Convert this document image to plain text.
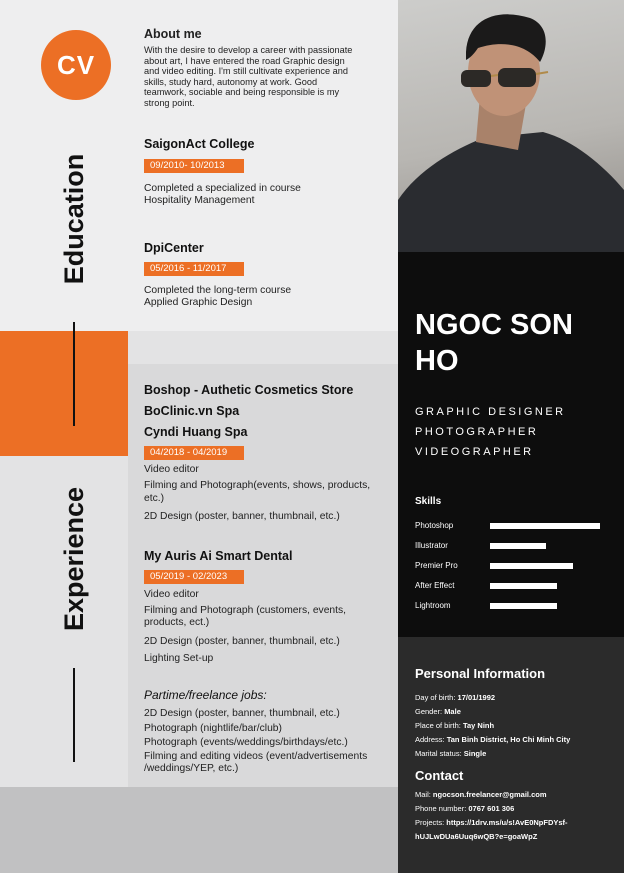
CV
Education
Experience
About me
With the desire to develop a career with passionate about art, I have entered the road Graphic design and video editing. I'm still cultivate experience and skills, study hard, autonomy at work. Good teamwork, sociable and being responsible is my strong point.
SaigonAct College
09/2010- 10/2013
Completed a specialized in course
Hospitality Management
DpiCenter
05/2016 - 11/2017
Completed the long-term course
Applied Graphic Design
Boshop - Authetic Cosmetics Store
BoClinic.vn Spa
Cyndi Huang Spa
04/2018 - 04/2019
Video editor
Filming and Photograph(events, shows, products,
etc.)
2D Design (poster, banner, thumbnail, etc.)
My Auris Ai Smart Dental
05/2019 - 02/2023
Video editor
Filming and Photograph (customers, events,
products, ect.)
2D Design (poster, banner, thumbnail, etc.)
Lighting Set-up
Partime/freelance jobs:
2D Design (poster, banner, thumbnail, etc.)
Photograph (nightlife/bar/club)
Photograph (events/weddings/birthdays/etc.)
Filming and editing videos (event/advertisements
/weddings/YEP, etc.)
NGOC SON
HO
GRAPHIC DESIGNER
PHOTOGRAPHER
VIDEOGRAPHER
Skills
Photoshop
Illustrator
Premier Pro
After Effect
Lightroom
Personal Information
Day of birth: 17/01/1992
Gender: Male
Place of birth: Tay Ninh
Address: Tan Binh District, Ho Chi Minh City
Marital status: Single
Contact
Mail: ngocson.freelancer@gmail.com
Phone number: 0767 601 306
Projects: https://1drv.ms/u/s!AvE0NpFDYsf-
hUJLwDUa6Uuq6wQB?e=goaWpZ
